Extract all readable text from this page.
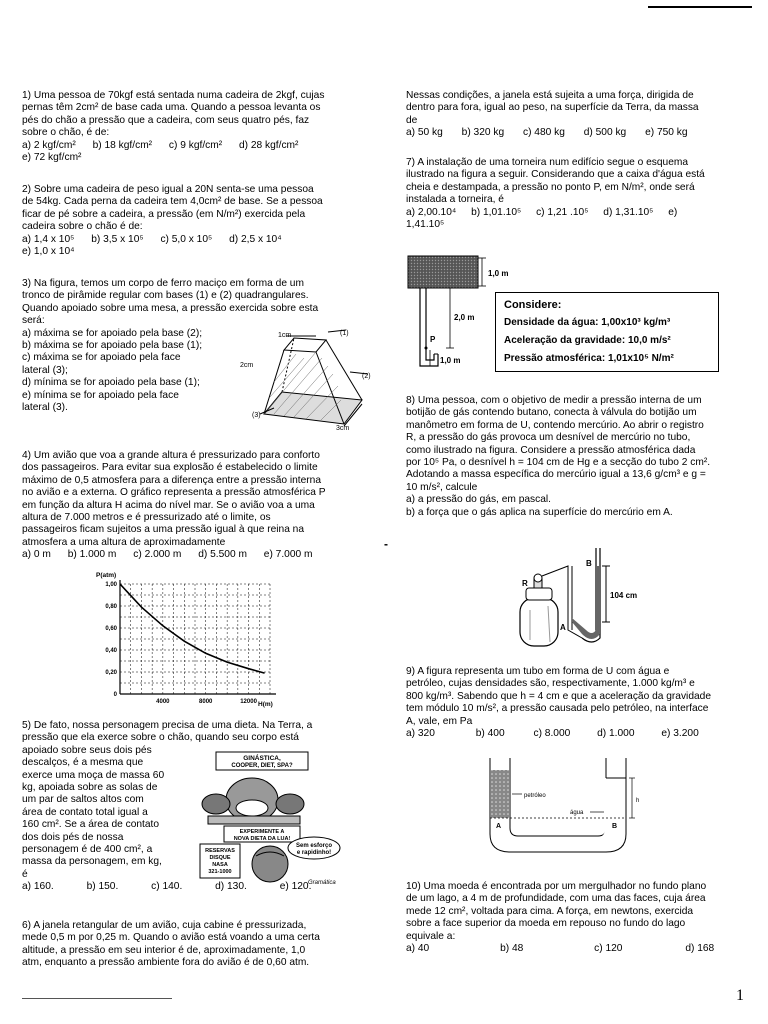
1) Uma pessoa de 70kgf está sentada numa cadeira de 2kgf, cujas
pernas têm 2cm² de base cada uma. Quando a pessoa levanta os
pés do chão a pressão que a cadeira, com seus quatro pés, faz
sobre o chão, é de:
a) 2 kgf/cm² b) 18 kgf/cm² c) 9 kgf/cm² d) 28 kgf/cm²
e) 72 kgf/cm²
2) Sobre uma cadeira de peso igual a 20N senta-se uma pessoa
de 54kg. Cada perna da cadeira tem 4,0cm² de base. Se a pessoa
ficar de pé sobre a cadeira, a pressão (em N/m²) exercida pela
cadeira sobre o chão é de:
a) 1,4 x 10⁵ b) 3,5 x 10⁵ c) 5,0 x 10⁵ d) 2,5 x 10⁴
e) 1,0 x 10⁴
3) Na figura, temos um corpo de ferro maciço em forma de um
tronco de pirâmide regular com bases (1) e (2) quadrangulares.
Quando apoiado sobre uma mesa, a pressão exercida sobre esta
será:
a) máxima se for apoiado pela base (2);
b) máxima se for apoiado pela base (1);
c) máxima se for apoiado pela face
lateral (3);
d) mínima se for apoiado pela base (1);
e) mínima se for apoiado pela face
lateral (3).
1cm
2cm
3cm
(1)
(2)
(3)
4) Um avião que voa a grande altura é pressurizado para conforto
dos passageiros. Para evitar sua explosão é estabelecido o limite
máximo de 0,5 atmosfera para a diferença entre a pressão interna
no avião e a externa. O gráfico representa a pressão atmosférica P
em função da altura H acima do nível mar. Se o avião voa a uma
altura de 7.000 metros e é pressurizado até o limite, os
passageiros ficam sujeitos a uma pressão igual à que reina na
atmosfera a uma altura de aproximadamente
a) 0 m b) 1.000 m c) 2.000 m d) 5.500 m e) 7.000 m
1,00
0,80
0,60
0,40
0,20
0
4000	8000	12000
P(atm)
H(m)
5) De fato, nossa personagem precisa de uma dieta. Na Terra, a
pressão que ela exerce sobre o chão, quando seu corpo está
apoiado sobre seus dois pés
descalços, é a mesma que
exerce uma moça de massa 60
kg, apoiada sobre as solas de
um par de saltos altos com
área de contato total igual a
160 cm². Se a área de contato
dos dois pés de nossa
personagem é de 400 cm², a
massa da personagem, em kg,
é
a) 160.	b) 150.	c) 140.	d) 130.	e) 120.
GINÁSTICA,
COOPER, DIET, SPA?
EXPERIMENTE A
NOVA DIETA DA LUA!
RESERVAS
DISQUE
NASA
321-1000
Sem esforço
e rapidinho!
Gramática
6) A janela retangular de um avião, cuja cabine é pressurizada,
mede 0,5 m por 0,25 m. Quando o avião está voando a uma certa
altitude, a pressão em seu interior é de, aproximadamente, 1,0
atm, enquanto a pressão ambiente fora do avião é de 0,60 atm.
Nessas condições, a janela está sujeita a uma força, dirigida de
dentro para fora, igual ao peso, na superfície da Terra, da massa
de
a) 50 kg b) 320 kg c) 480 kg d) 500 kg e) 750 kg
7) A instalação de uma torneira num edifício segue o esquema
ilustrado na figura a seguir. Considerando que a caixa d'água está
cheia e destampada, a pressão no ponto P, em N/m², onde será
instalada a torneira, é
a) 2,00.10⁴ b) 1,01.10⁵ c) 1,21 .10⁵ d) 1,31.10⁵ e)
1,41.10⁵
P
1,0 m
2,0 m
1,0 m
Considere:
Densidade da água: 1,00x10³ kg/m³
Aceleração da gravidade: 10,0 m/s²
Pressão atmosférica: 1,01x10⁵ N/m²
8) Uma pessoa, com o objetivo de medir a pressão interna de um
botijão de gás contendo butano, conecta à válvula do botijão um
manômetro em forma de U, contendo mercúrio. Ao abrir o registro
R, a pressão do gás provoca um desnível de mercúrio no tubo,
como ilustrado na figura. Considere a pressão atmosférica dada
por 10⁵ Pa, o desnível h = 104 cm de Hg e a secção do tubo 2 cm².
Adotando a massa específica do mercúrio igual a 13,6 g/cm³ e g =
10 m/s², calcule
a) a pressão do gás, em pascal.
b) a força que o gás aplica na superfície do mercúrio em A.
-
104 cm
R
B
A
9) A figura representa um tubo em forma de U com água e
petróleo, cujas densidades são, respectivamente, 1.000 kg/m³ e
800 kg/m³. Sabendo que h = 4 cm e que a aceleração da gravidade
tem módulo 10 m/s², a pressão causada pelo petróleo, na interface
A, vale, em Pa
a) 320	b) 400	c) 8.000	d) 1.000	e) 3.200
h
petróleo
água
A	B
10) Uma moeda é encontrada por um mergulhador no fundo plano
de um lago, a 4 m de profundidade, com uma das faces, cuja área
mede 12 cm², voltada para cima. A força, em newtons, exercida
sobre a face superior da moeda em repouso no fundo do lago
equivale a:
a) 40	b) 48	c) 120	d) 168
1
